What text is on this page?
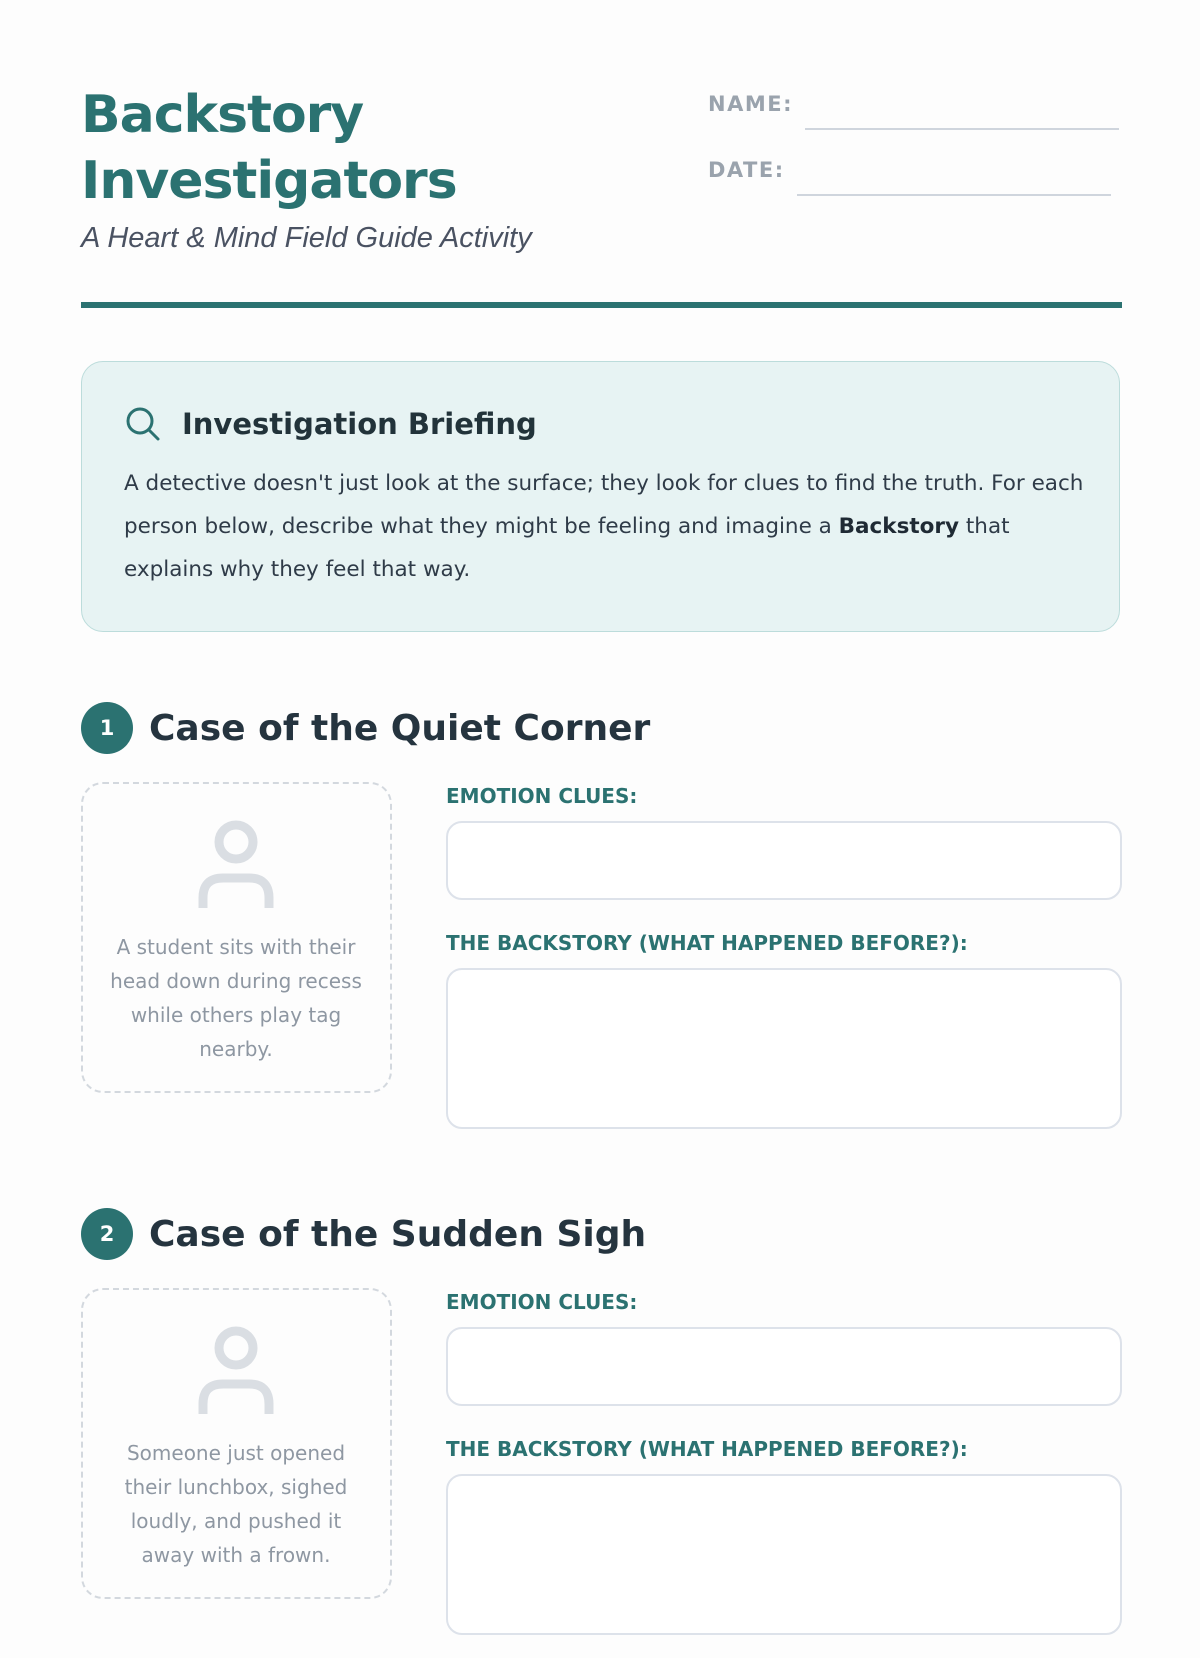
Backstory Investigators
A Heart & Mind Field Guide Activity
NAME:
DATE:
Investigation Briefing
A detective doesn't just look at the surface; they look for clues to find the truth. For each person below, describe what they might be feeling and imagine a Backstory that explains why they feel that way.
1 Case of the Quiet Corner
A student sits with their head down during recess while others play tag nearby.
EMOTION CLUES:
THE BACKSTORY (WHAT HAPPENED BEFORE?):
2 Case of the Sudden Sigh
Someone just opened their lunchbox, sighed loudly, and pushed it away with a frown.
EMOTION CLUES:
THE BACKSTORY (WHAT HAPPENED BEFORE?):
